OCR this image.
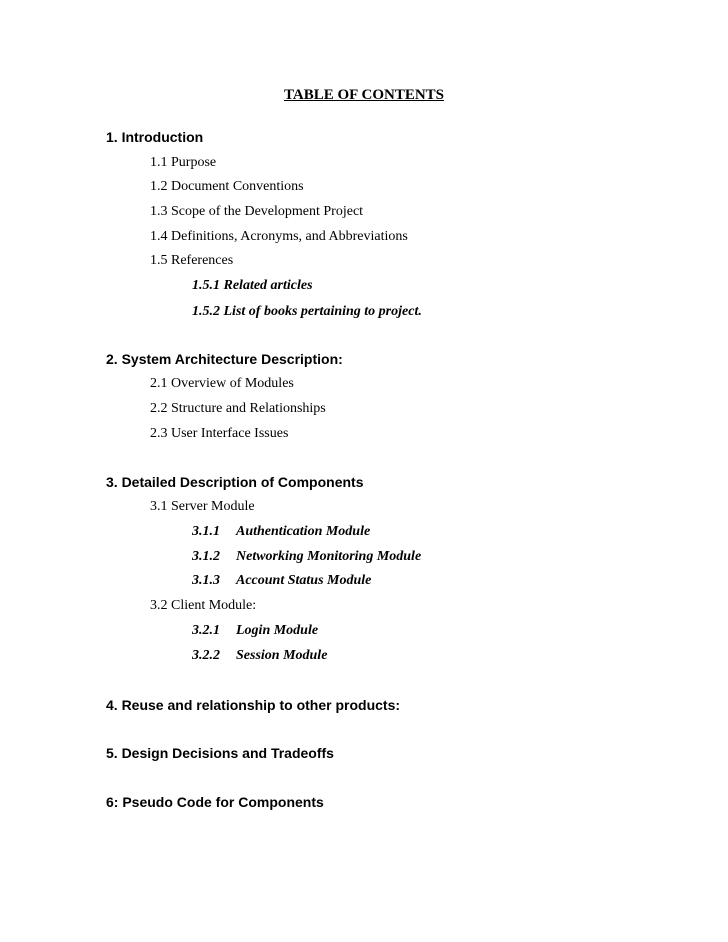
TABLE OF CONTENTS
1. Introduction
1.1 Purpose
1.2 Document Conventions
1.3 Scope of the Development Project
1.4 Definitions, Acronyms, and Abbreviations
1.5 References
1.5.1 Related articles
1.5.2 List of books pertaining to project.
2. System Architecture Description:
2.1 Overview of Modules
2.2 Structure and Relationships
2.3 User Interface Issues
3. Detailed Description of Components
3.1 Server Module
3.1.1 Authentication Module
3.1.2 Networking Monitoring Module
3.1.3 Account Status Module
3.2 Client Module:
3.2.1 Login Module
3.2.2 Session Module
4. Reuse and relationship to other products:
5. Design Decisions and Tradeoffs
6: Pseudo Code for Components
